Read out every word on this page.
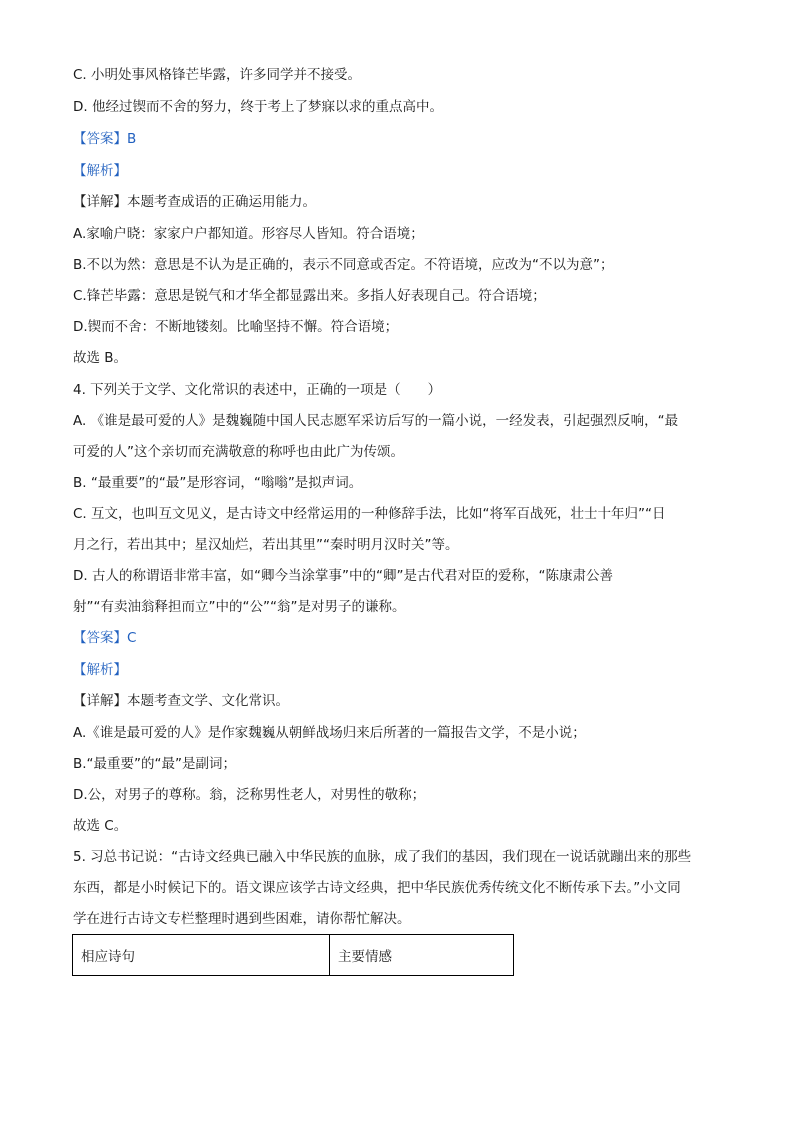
C. 小明处事风格锋芒毕露，许多同学并不接受。
D. 他经过锲而不舍的努力，终于考上了梦寐以求的重点高中。
【答案】B
【解析】
【详解】本题考查成语的正确运用能力。
A.家喻户晓：家家户户都知道。形容尽人皆知。符合语境；
B.不以为然：意思是不认为是正确的，表示不同意或否定。不符语境，应改为“不以为意”；
C.锋芒毕露：意思是锐气和才华全都显露出来。多指人好表现自己。符合语境；
D.锲而不舍：不断地镂刻。比喻坚持不懈。符合语境；
故选 B。
4. 下列关于文学、文化常识的表述中，正确的一项是（　　）
A. 《谁是最可爱的人》是魏巍随中国人民志愿军采访后写的一篇小说，一经发表，引起强烈反响，“最
可爱的人”这个亲切而充满敬意的称呼也由此广为传颂。
B. “最重要”的“最”是形容词，“嗡嗡”是拟声词。
C. 互文，也叫互文见义，是古诗文中经常运用的一种修辞手法，比如“将军百战死，壮士十年归”“日
月之行，若出其中；星汉灿烂，若出其里”“秦时明月汉时关”等。
D. 古人的称谓语非常丰富，如“卿今当涂掌事”中的“卿”是古代君对臣的爱称，“陈康肃公善
射”“有卖油翁释担而立”中的“公”“翁”是对男子的谦称。
【答案】C
【解析】
【详解】本题考查文学、文化常识。
A.《谁是最可爱的人》是作家魏巍从朝鲜战场归来后所著的一篇报告文学，不是小说；
B.“最重要”的“最”是副词；
D.公，对男子的尊称。翁，泛称男性老人，对男性的敬称；
故选 C。
5. 习总书记说：“古诗文经典已融入中华民族的血脉，成了我们的基因，我们现在一说话就蹦出来的那些
东西，都是小时候记下的。语文课应该学古诗文经典，把中华民族优秀传统文化不断传承下去。”小文同
学在进行古诗文专栏整理时遇到些困难，请你帮忙解决。
相应诗句	主要情感
